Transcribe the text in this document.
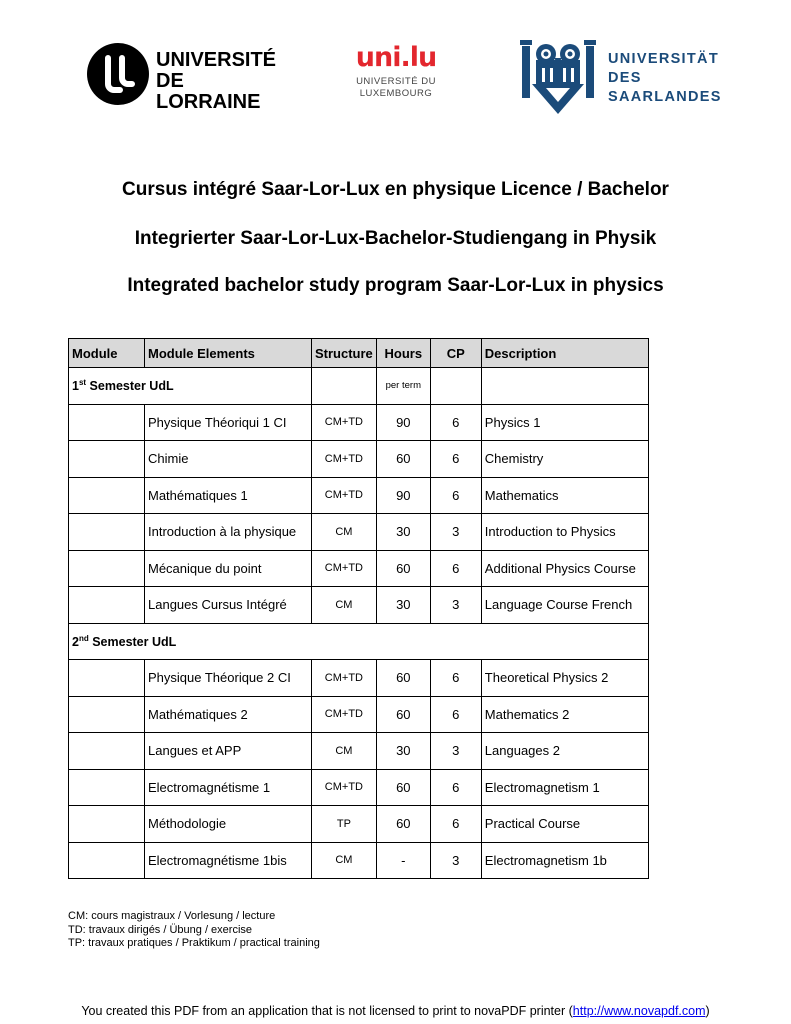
UNIVERSITÉ
DE LORRAINE
uni.lu
UNIVERSITÉ DU
LUXEMBOURG
UNIVERSITÄT
DES
SAARLANDES
Cursus intégré Saar-Lor-Lux en physique Licence / Bachelor
Integrierter Saar-Lor-Lux-Bachelor-Studiengang in Physik
Integrated bachelor study program Saar-Lor-Lux in physics
Module	Module Elements	Structure	Hours	CP	Description
1st Semester UdL			per term		
	Physique Théoriqui 1 CI	CM+TD	90	6	Physics 1
	Chimie	CM+TD	60	6	Chemistry
	Mathématiques 1	CM+TD	90	6	Mathematics
	Introduction à la physique	CM	30	3	Introduction to Physics
	Mécanique du point	CM+TD	60	6	Additional Physics Course
	Langues Cursus Intégré	CM	30	3	Language Course French
2nd Semester UdL					
	Physique Théorique 2 CI	CM+TD	60	6	Theoretical Physics 2
	Mathématiques 2	CM+TD	60	6	Mathematics 2
	Langues et APP	CM	30	3	Languages 2
	Electromagnétisme 1	CM+TD	60	6	Electromagnetism 1
	Méthodologie	TP	60	6	Practical Course
	Electromagnétisme 1bis	CM	-	3	Electromagnetism 1b
CM: cours magistraux / Vorlesung / lecture
TD: travaux dirigés / Übung / exercise
TP: travaux pratiques / Praktikum / practical training
You created this PDF from an application that is not licensed to print to novaPDF printer (http://www.novapdf.com)
